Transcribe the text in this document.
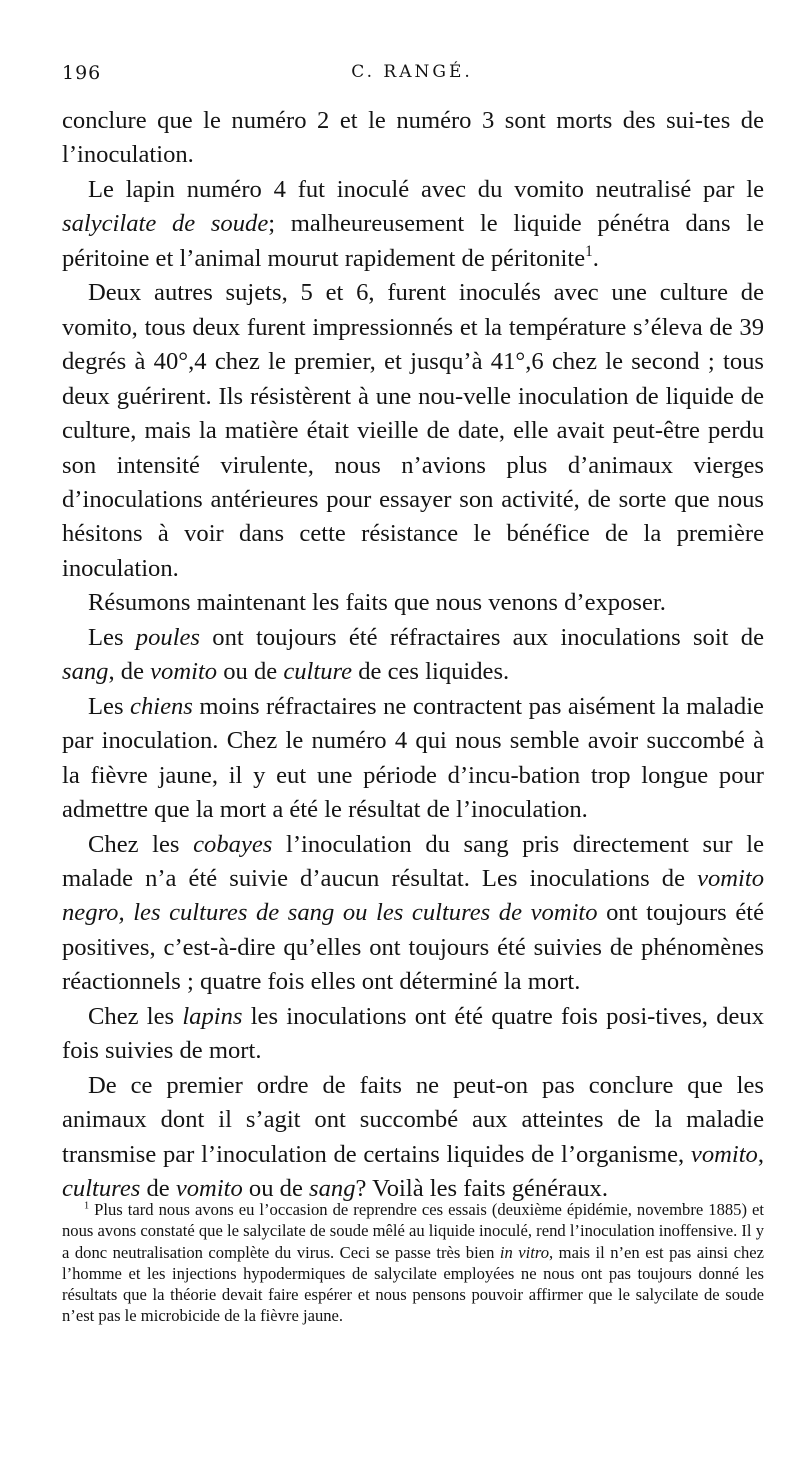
196	C. RANGÉ.

conclure que le numéro 2 et le numéro 3 sont morts des sui-tes de l’inoculation.

Le lapin numéro 4 fut inoculé avec du vomito neutralisé par le salycilate de soude; malheureusement le liquide pénétra dans le péritoine et l’animal mourut rapidement de péritonite$^1$.

Deux autres sujets, 5 et 6, furent inoculés avec une culture de vomito, tous deux furent impressionnés et la température s’éleva de 39 degrés à 40°,4 chez le premier, et jusqu’à 41°,6 chez le second ; tous deux guérirent. Ils résistèrent à une nou-velle inoculation de liquide de culture, mais la matière était vieille de date, elle avait peut-être perdu son intensité virulente, nous n’avions plus d’animaux vierges d’inoculations antérieures pour essayer son activité, de sorte que nous hésitons à voir dans cette résistance le bénéfice de la première inoculation.

Résumons maintenant les faits que nous venons d’exposer.

Les poules ont toujours été réfractaires aux inoculations soit de sang, de vomito ou de culture de ces liquides.

Les chiens moins réfractaires ne contractent pas aisément la maladie par inoculation. Chez le numéro 4 qui nous semble avoir succombé à la fièvre jaune, il y eut une période d’incu-bation trop longue pour admettre que la mort a été le résultat de l’inoculation.

Chez les cobayes l’inoculation du sang pris directement sur le malade n’a été suivie d’aucun résultat. Les inoculations de vomito negro, les cultures de sang ou les cultures de vomito ont toujours été positives, c’est-à-dire qu’elles ont toujours été suivies de phénomènes réactionnels ; quatre fois elles ont déterminé la mort.

Chez les lapins les inoculations ont été quatre fois posi-tives, deux fois suivies de mort.

De ce premier ordre de faits ne peut-on pas conclure que les animaux dont il s’agit ont succombé aux atteintes de la maladie transmise par l’inoculation de certains liquides de l’organisme, vomito, cultures de vomito ou de sang? Voilà les faits généraux.

$^1$ Plus tard nous avons eu l’occasion de reprendre ces essais (deuxième épidémie, novembre 1885) et nous avons constaté que le salycilate de soude mêlé au liquide inoculé, rend l’inoculation inoffensive. Il y a donc neutralisation complète du virus. Ceci se passe très bien in vitro, mais il n’en est pas ainsi chez l’homme et les injections hypodermiques de salycilate employées ne nous ont pas toujours donné les résultats que la théorie devait faire espérer et nous pensons pouvoir affirmer que le salycilate de soude n’est pas le microbicide de la fièvre jaune.
